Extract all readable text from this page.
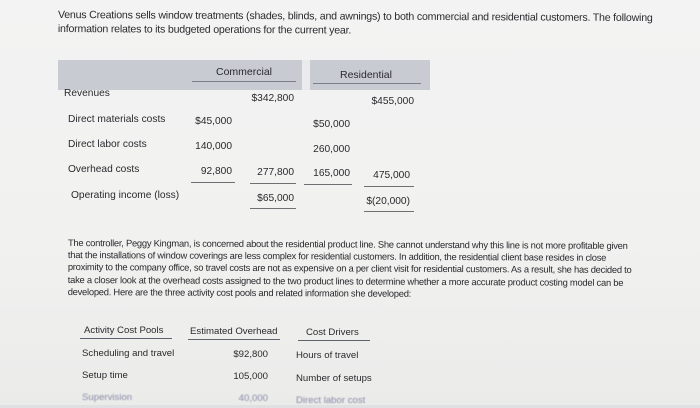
Venus Creations sells window treatments (shades, blinds, and awnings) to both commercial and residential customers. The following information relates to its budgeted operations for the current year.
Commercial	Residential
Revenues	$342,800	$455,000
Direct materials costs	$45,000	$50,000
Direct labor costs	140,000	260,000
Overhead costs	92,800	277,800	165,000	475,000
Operating income (loss)	$65,000	$(20,000)
The controller, Peggy Kingman, is concerned about the residential product line. She cannot understand why this line is not more profitable given that the installations of window coverings are less complex for residential customers. In addition, the residential client base resides in close proximity to the company office, so travel costs are not as expensive on a per client visit for residential customers. As a result, she has decided to take a closer look at the overhead costs assigned to the two product lines to determine whether a more accurate product costing model can be developed. Here are the three activity cost pools and related information she developed:
Activity Cost Pools	Estimated Overhead	Cost Drivers
Scheduling and travel	$92,800	Hours of travel
Setup time	105,000	Number of setups
Supervision	40,000	Direct labor cost
